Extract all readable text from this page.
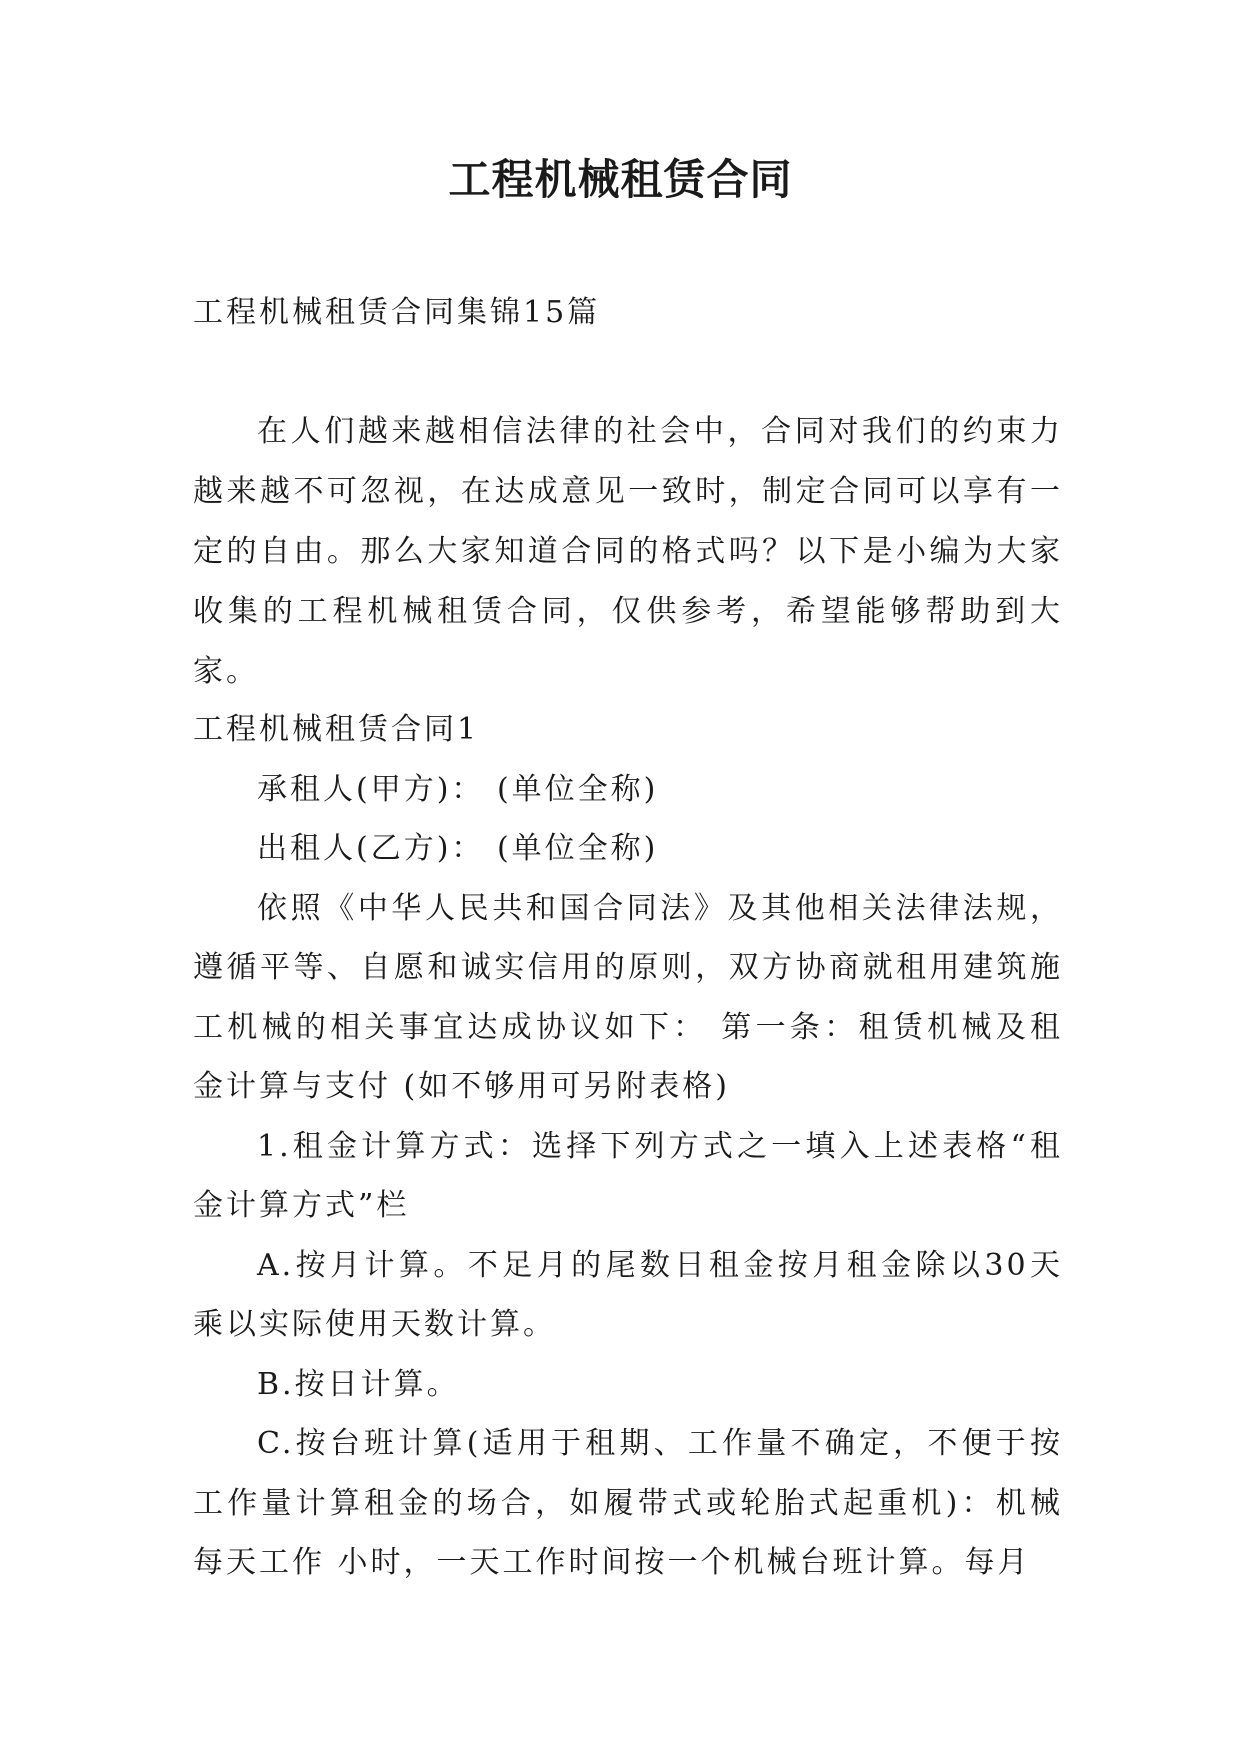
工程机械租赁合同

工程机械租赁合同集锦15篇

在人们越来越相信法律的社会中，合同对我们的约束力越来越不可忽视，在达成意见一致时，制定合同可以享有一定的自由。那么大家知道合同的格式吗？以下是小编为大家收集的工程机械租赁合同，仅供参考，希望能够帮助到大家。

工程机械租赁合同1

承租人(甲方)： (单位全称)

出租人(乙方)： (单位全称)

依照《中华人民共和国合同法》及其他相关法律法规，遵循平等、自愿和诚实信用的原则，双方协商就租用建筑施工机械的相关事宜达成协议如下： 第一条：租赁机械及租金计算与支付 (如不够用可另附表格)

1.租金计算方式：选择下列方式之一填入上述表格“租金计算方式”栏

A.按月计算。不足月的尾数日租金按月租金除以30天乘以实际使用天数计算。

B.按日计算。

C.按台班计算(适用于租期、工作量不确定，不便于按工作量计算租金的场合，如履带式或轮胎式起重机)：机械每天工作 小时，一天工作时间按一个机械台班计算。每月
